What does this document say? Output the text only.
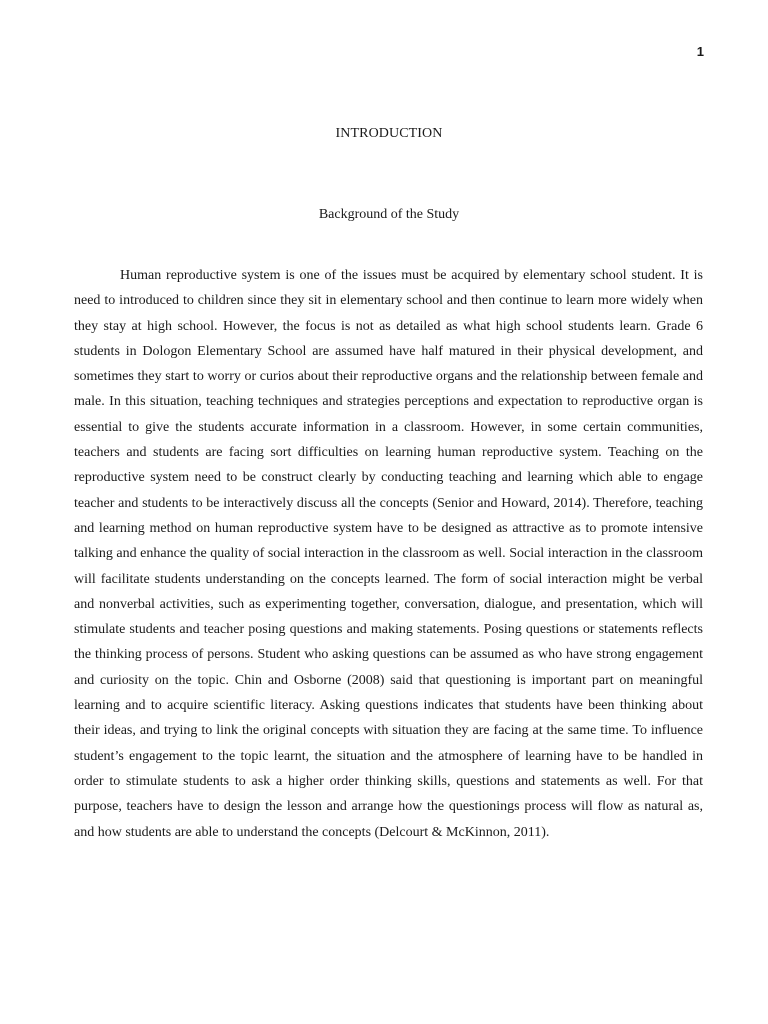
1
INTRODUCTION
Background of the Study

Human reproductive system is one of the issues must be acquired by elementary school student. It is need to introduced to children since they sit in elementary school and then continue to learn more widely when they stay at high school. However, the focus is not as detailed as what high school students learn. Grade 6 students in Dologon Elementary School are assumed have half matured in their physical development, and sometimes they start to worry or curios about their reproductive organs and the relationship between female and male. In this situation, teaching techniques and strategies perceptions and expectation to reproductive organ is essential to give the students accurate information in a classroom. However, in some certain communities, teachers and students are facing sort difficulties on learning human reproductive system. Teaching on the reproductive system need to be construct clearly by conducting teaching and learning which able to engage teacher and students to be interactively discuss all the concepts (Senior and Howard, 2014). Therefore, teaching and learning method on human reproductive system have to be designed as attractive as to promote intensive talking and enhance the quality of social interaction in the classroom as well. Social interaction in the classroom will facilitate students understanding on the concepts learned. The form of social interaction might be verbal and nonverbal activities, such as experimenting together, conversation, dialogue, and presentation, which will stimulate students and teacher posing questions and making statements. Posing questions or statements reflects the thinking process of persons. Student who asking questions can be assumed as who have strong engagement and curiosity on the topic. Chin and Osborne (2008) said that questioning is important part on meaningful learning and to acquire scientific literacy. Asking questions indicates that students have been thinking about their ideas, and trying to link the original concepts with situation they are facing at the same time. To influence student’s engagement to the topic learnt, the situation and the atmosphere of learning have to be handled in order to stimulate students to ask a higher order thinking skills, questions and statements as well. For that purpose, teachers have to design the lesson and arrange how the questionings process will flow as natural as, and how students are able to understand the concepts (Delcourt & McKinnon, 2011).
